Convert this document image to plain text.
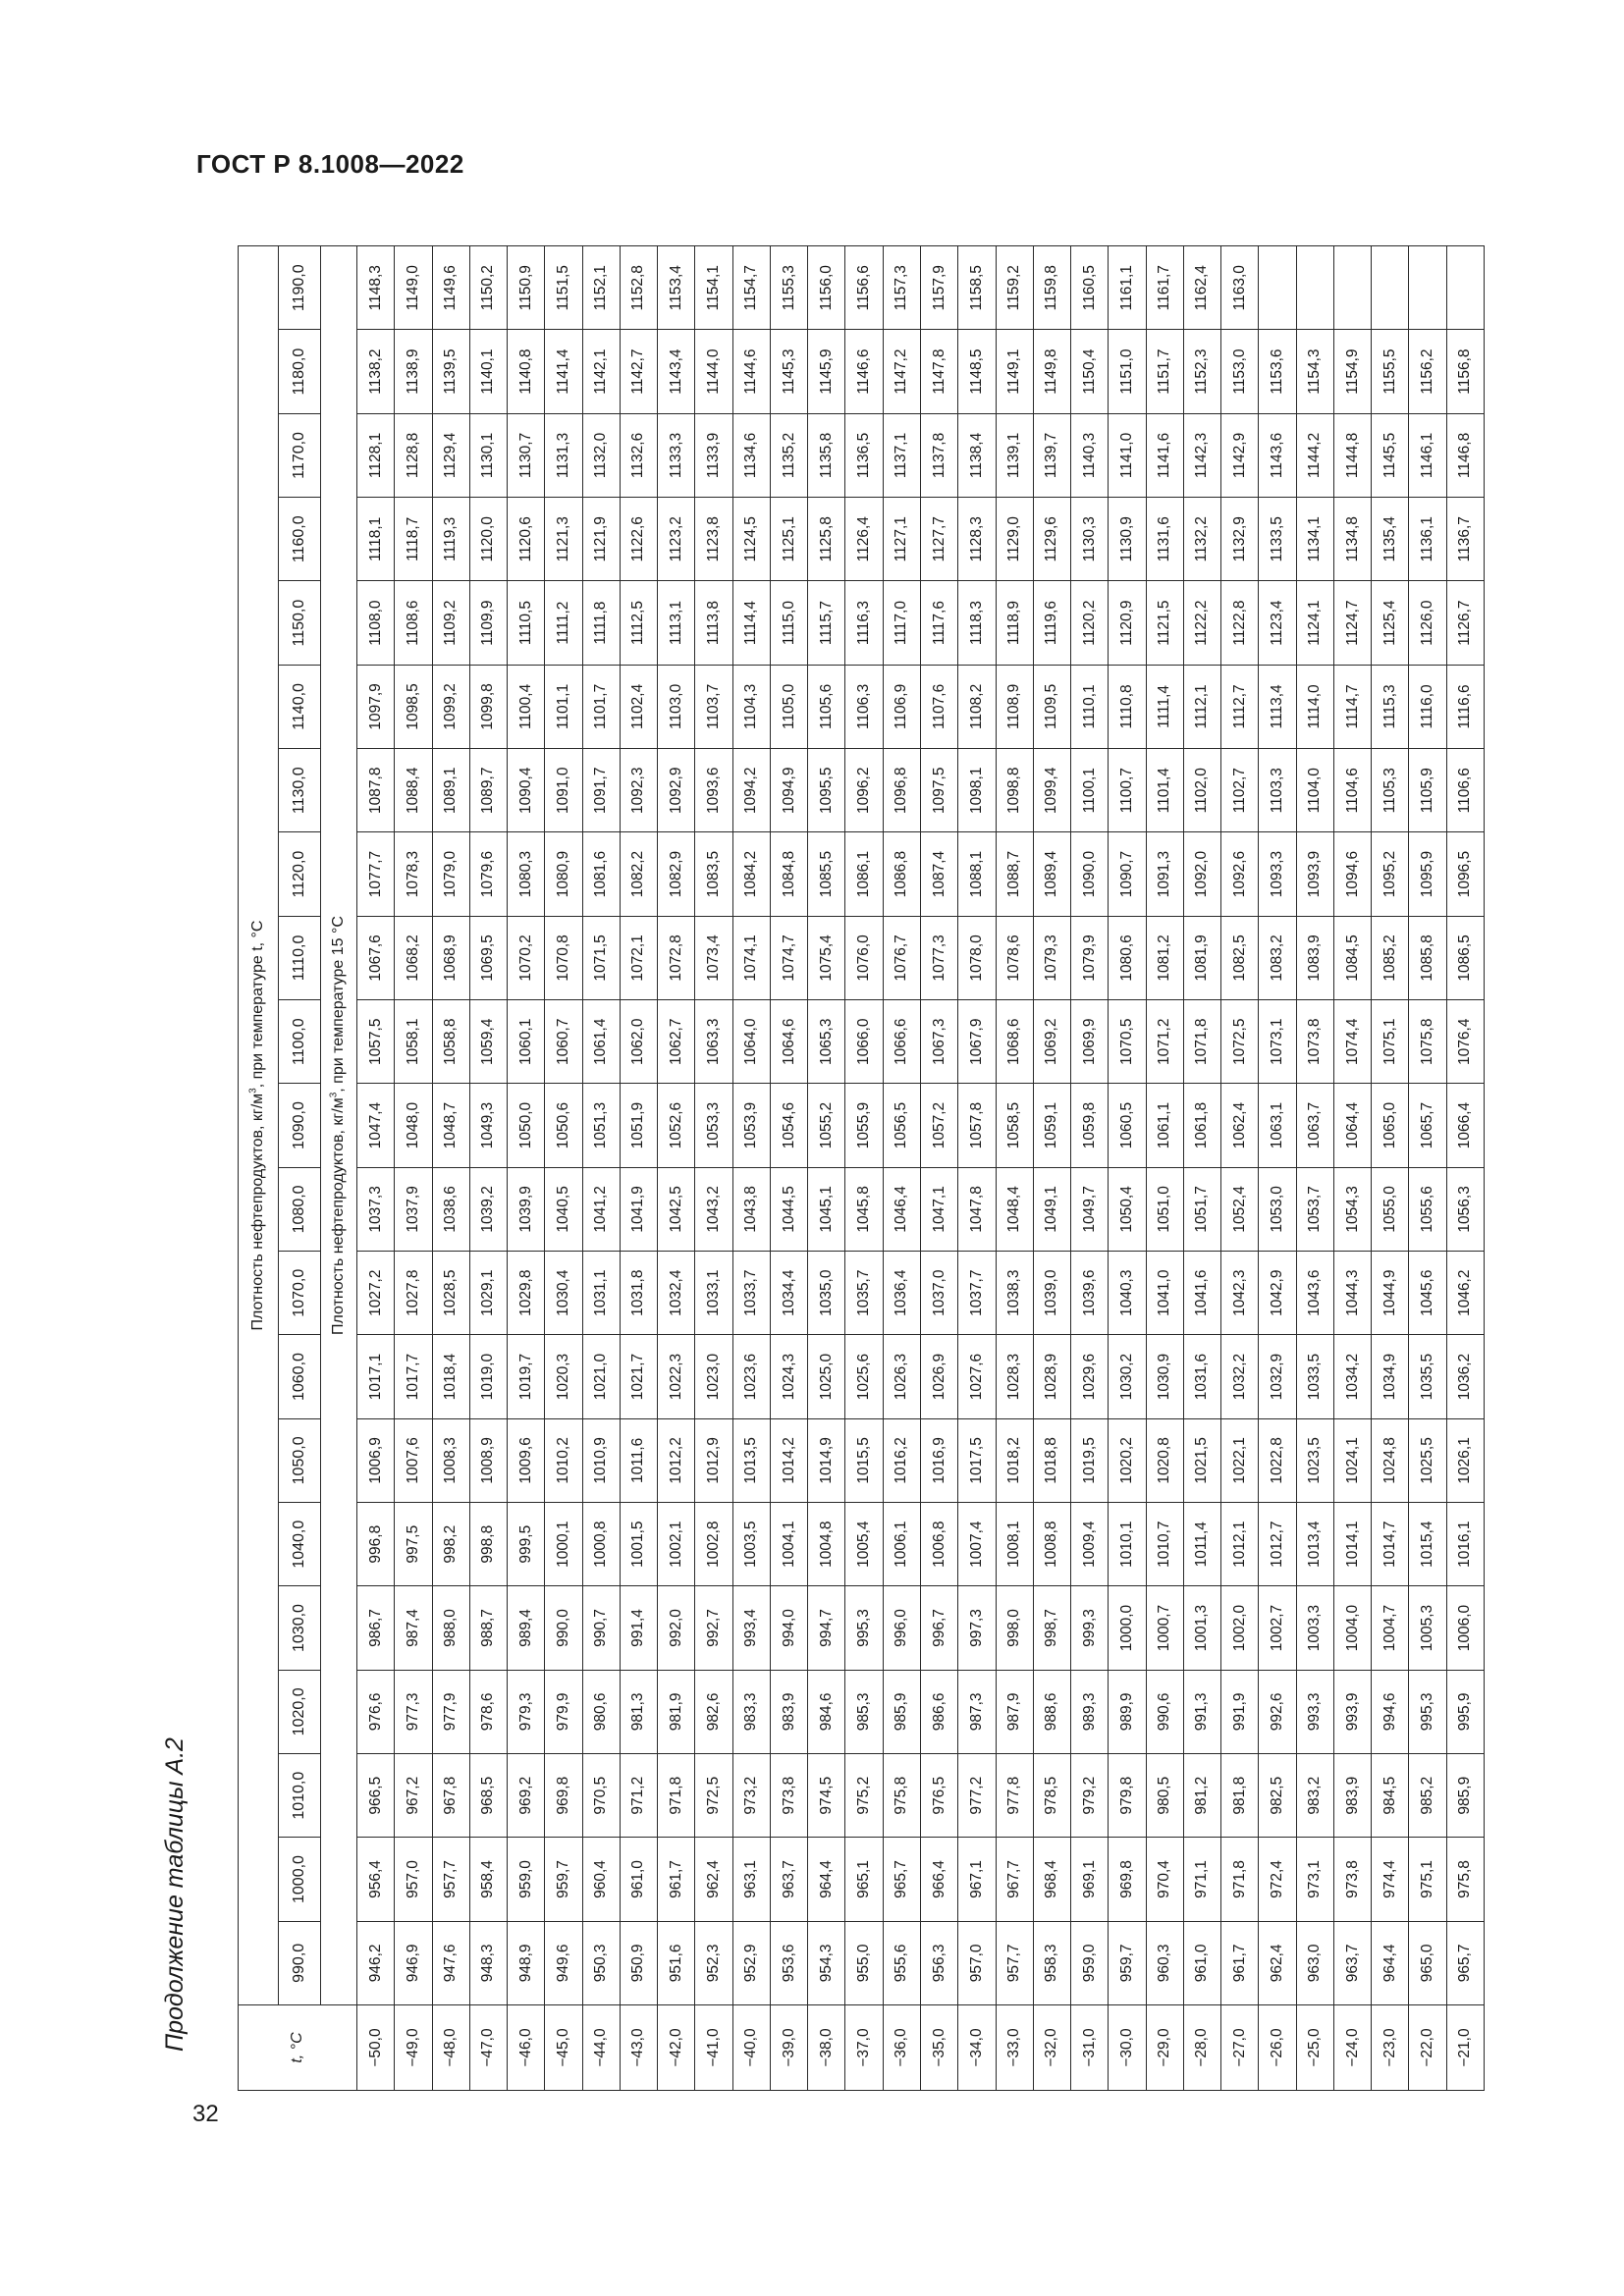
ГОСТ Р 8.1008—2022
Продолжение таблицы А.2
32
t, °C	Плотность нефтепродуктов, $кг/м^3$, при температуре t, °C																				
	990,0	1000,0	1010,0	1020,0	1030,0	1040,0	1050,0	1060,0	1070,0	1080,0	1090,0	1100,0	1110,0	1120,0	1130,0	1140,0	1150,0	1160,0	1170,0	1180,0	1190,0
	Плотность нефтепродуктов, $кг/м^3$, при температуре 15 °C																				
−50,0	946,2	956,4	966,5	976,6	986,7	996,8	1006,9	1017,1	1027,2	1037,3	1047,4	1057,5	1067,6	1077,7	1087,8	1097,9	1108,0	1118,1	1128,1	1138,2	1148,3
−49,0	946,9	957,0	967,2	977,3	987,4	997,5	1007,6	1017,7	1027,8	1037,9	1048,0	1058,1	1068,2	1078,3	1088,4	1098,5	1108,6	1118,7	1128,8	1138,9	1149,0
−48,0	947,6	957,7	967,8	977,9	988,0	998,2	1008,3	1018,4	1028,5	1038,6	1048,7	1058,8	1068,9	1079,0	1089,1	1099,2	1109,2	1119,3	1129,4	1139,5	1149,6
−47,0	948,3	958,4	968,5	978,6	988,7	998,8	1008,9	1019,0	1029,1	1039,2	1049,3	1059,4	1069,5	1079,6	1089,7	1099,8	1109,9	1120,0	1130,1	1140,1	1150,2
−46,0	948,9	959,0	969,2	979,3	989,4	999,5	1009,6	1019,7	1029,8	1039,9	1050,0	1060,1	1070,2	1080,3	1090,4	1100,4	1110,5	1120,6	1130,7	1140,8	1150,9
−45,0	949,6	959,7	969,8	979,9	990,0	1000,1	1010,2	1020,3	1030,4	1040,5	1050,6	1060,7	1070,8	1080,9	1091,0	1101,1	1111,2	1121,3	1131,3	1141,4	1151,5
−44,0	950,3	960,4	970,5	980,6	990,7	1000,8	1010,9	1021,0	1031,1	1041,2	1051,3	1061,4	1071,5	1081,6	1091,7	1101,7	1111,8	1121,9	1132,0	1142,1	1152,1
−43,0	950,9	961,0	971,2	981,3	991,4	1001,5	1011,6	1021,7	1031,8	1041,9	1051,9	1062,0	1072,1	1082,2	1092,3	1102,4	1112,5	1122,6	1132,6	1142,7	1152,8
−42,0	951,6	961,7	971,8	981,9	992,0	1002,1	1012,2	1022,3	1032,4	1042,5	1052,6	1062,7	1072,8	1082,9	1092,9	1103,0	1113,1	1123,2	1133,3	1143,4	1153,4
−41,0	952,3	962,4	972,5	982,6	992,7	1002,8	1012,9	1023,0	1033,1	1043,2	1053,3	1063,3	1073,4	1083,5	1093,6	1103,7	1113,8	1123,8	1133,9	1144,0	1154,1
−40,0	952,9	963,1	973,2	983,3	993,4	1003,5	1013,5	1023,6	1033,7	1043,8	1053,9	1064,0	1074,1	1084,2	1094,2	1104,3	1114,4	1124,5	1134,6	1144,6	1154,7
−39,0	953,6	963,7	973,8	983,9	994,0	1004,1	1014,2	1024,3	1034,4	1044,5	1054,6	1064,6	1074,7	1084,8	1094,9	1105,0	1115,0	1125,1	1135,2	1145,3	1155,3
−38,0	954,3	964,4	974,5	984,6	994,7	1004,8	1014,9	1025,0	1035,0	1045,1	1055,2	1065,3	1075,4	1085,5	1095,5	1105,6	1115,7	1125,8	1135,8	1145,9	1156,0
−37,0	955,0	965,1	975,2	985,3	995,3	1005,4	1015,5	1025,6	1035,7	1045,8	1055,9	1066,0	1076,0	1086,1	1096,2	1106,3	1116,3	1126,4	1136,5	1146,6	1156,6
−36,0	955,6	965,7	975,8	985,9	996,0	1006,1	1016,2	1026,3	1036,4	1046,4	1056,5	1066,6	1076,7	1086,8	1096,8	1106,9	1117,0	1127,1	1137,1	1147,2	1157,3
−35,0	956,3	966,4	976,5	986,6	996,7	1006,8	1016,9	1026,9	1037,0	1047,1	1057,2	1067,3	1077,3	1087,4	1097,5	1107,6	1117,6	1127,7	1137,8	1147,8	1157,9
−34,0	957,0	967,1	977,2	987,3	997,3	1007,4	1017,5	1027,6	1037,7	1047,8	1057,8	1067,9	1078,0	1088,1	1098,1	1108,2	1118,3	1128,3	1138,4	1148,5	1158,5
−33,0	957,7	967,7	977,8	987,9	998,0	1008,1	1018,2	1028,3	1038,3	1048,4	1058,5	1068,6	1078,6	1088,7	1098,8	1108,9	1118,9	1129,0	1139,1	1149,1	1159,2
−32,0	958,3	968,4	978,5	988,6	998,7	1008,8	1018,8	1028,9	1039,0	1049,1	1059,1	1069,2	1079,3	1089,4	1099,4	1109,5	1119,6	1129,6	1139,7	1149,8	1159,8
−31,0	959,0	969,1	979,2	989,3	999,3	1009,4	1019,5	1029,6	1039,6	1049,7	1059,8	1069,9	1079,9	1090,0	1100,1	1110,1	1120,2	1130,3	1140,3	1150,4	1160,5
−30,0	959,7	969,8	979,8	989,9	1000,0	1010,1	1020,2	1030,2	1040,3	1050,4	1060,5	1070,5	1080,6	1090,7	1100,7	1110,8	1120,9	1130,9	1141,0	1151,0	1161,1
−29,0	960,3	970,4	980,5	990,6	1000,7	1010,7	1020,8	1030,9	1041,0	1051,0	1061,1	1071,2	1081,2	1091,3	1101,4	1111,4	1121,5	1131,6	1141,6	1151,7	1161,7
−28,0	961,0	971,1	981,2	991,3	1001,3	1011,4	1021,5	1031,6	1041,6	1051,7	1061,8	1071,8	1081,9	1092,0	1102,0	1112,1	1122,2	1132,2	1142,3	1152,3	1162,4
−27,0	961,7	971,8	981,8	991,9	1002,0	1012,1	1022,1	1032,2	1042,3	1052,4	1062,4	1072,5	1082,5	1092,6	1102,7	1112,7	1122,8	1132,9	1142,9	1153,0	1163,0
−26,0	962,4	972,4	982,5	992,6	1002,7	1012,7	1022,8	1032,9	1042,9	1053,0	1063,1	1073,1	1083,2	1093,3	1103,3	1113,4	1123,4	1133,5	1143,6	1153,6	
−25,0	963,0	973,1	983,2	993,3	1003,3	1013,4	1023,5	1033,5	1043,6	1053,7	1063,7	1073,8	1083,9	1093,9	1104,0	1114,0	1124,1	1134,1	1144,2	1154,3	
−24,0	963,7	973,8	983,9	993,9	1004,0	1014,1	1024,1	1034,2	1044,3	1054,3	1064,4	1074,4	1084,5	1094,6	1104,6	1114,7	1124,7	1134,8	1144,8	1154,9	
−23,0	964,4	974,4	984,5	994,6	1004,7	1014,7	1024,8	1034,9	1044,9	1055,0	1065,0	1075,1	1085,2	1095,2	1105,3	1115,3	1125,4	1135,4	1145,5	1155,5	
−22,0	965,0	975,1	985,2	995,3	1005,3	1015,4	1025,5	1035,5	1045,6	1055,6	1065,7	1075,8	1085,8	1095,9	1105,9	1116,0	1126,0	1136,1	1146,1	1156,2	
−21,0	965,7	975,8	985,9	995,9	1006,0	1016,1	1026,1	1036,2	1046,2	1056,3	1066,4	1076,4	1086,5	1096,5	1106,6	1116,6	1126,7	1136,7	1146,8	1156,8	
